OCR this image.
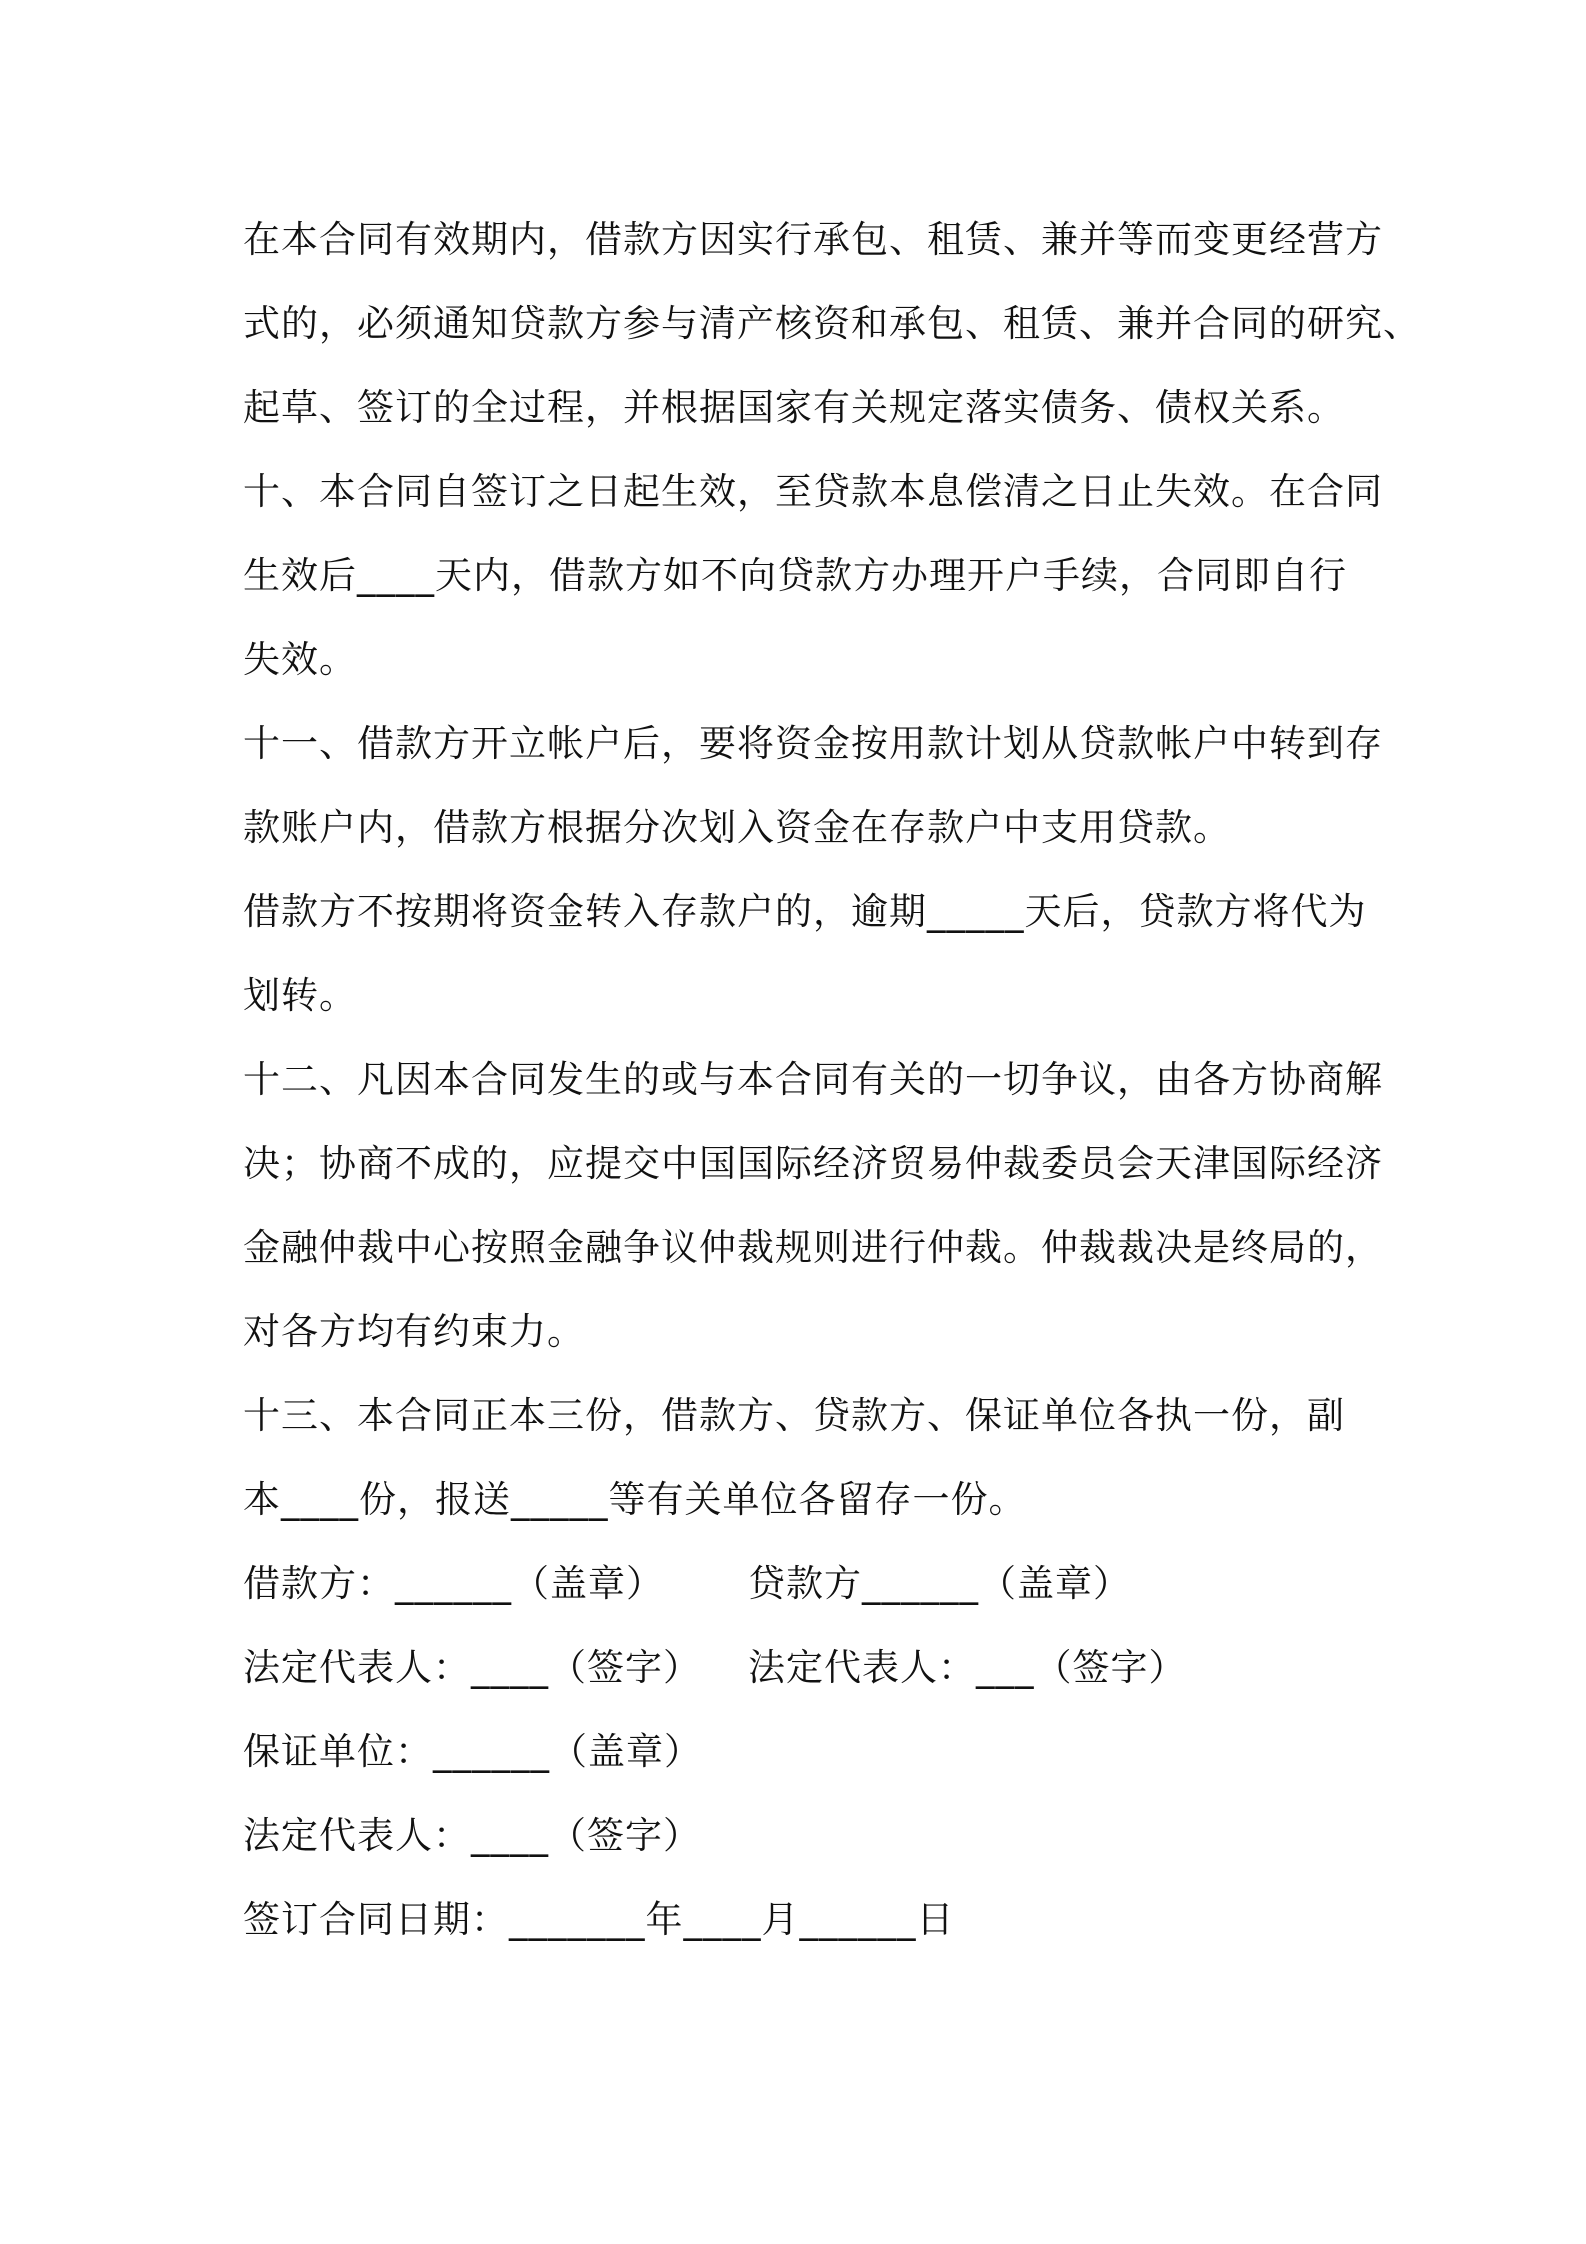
在本合同有效期内，借款方因实行承包、租赁、兼并等而变更经营方
式的，必须通知贷款方参与清产核资和承包、租赁、兼并合同的研究、
起草、签订的全过程，并根据国家有关规定落实债务、债权关系。
十、本合同自签订之日起生效，至贷款本息偿清之日止失效。在合同
生效后____天内，借款方如不向贷款方办理开户手续，合同即自行
失效。
十一、借款方开立帐户后，要将资金按用款计划从贷款帐户中转到存
款账户内，借款方根据分次划入资金在存款户中支用贷款。
借款方不按期将资金转入存款户的，逾期_____天后，贷款方将代为
划转。
十二、凡因本合同发生的或与本合同有关的一切争议，由各方协商解
决；协商不成的，应提交中国国际经济贸易仲裁委员会天津国际经济
金融仲裁中心按照金融争议仲裁规则进行仲裁。仲裁裁决是终局的，
对各方均有约束力。
十三、本合同正本三份，借款方、贷款方、保证单位各执一份，副
本____份，报送_____等有关单位各留存一份。
借款方：______（盖章） 贷款方______（盖章）
法定代表人：____（签字） 法定代表人：___（签字）
保证单位：______（盖章）
法定代表人：____（签字）
签订合同日期：_______年____月______日
